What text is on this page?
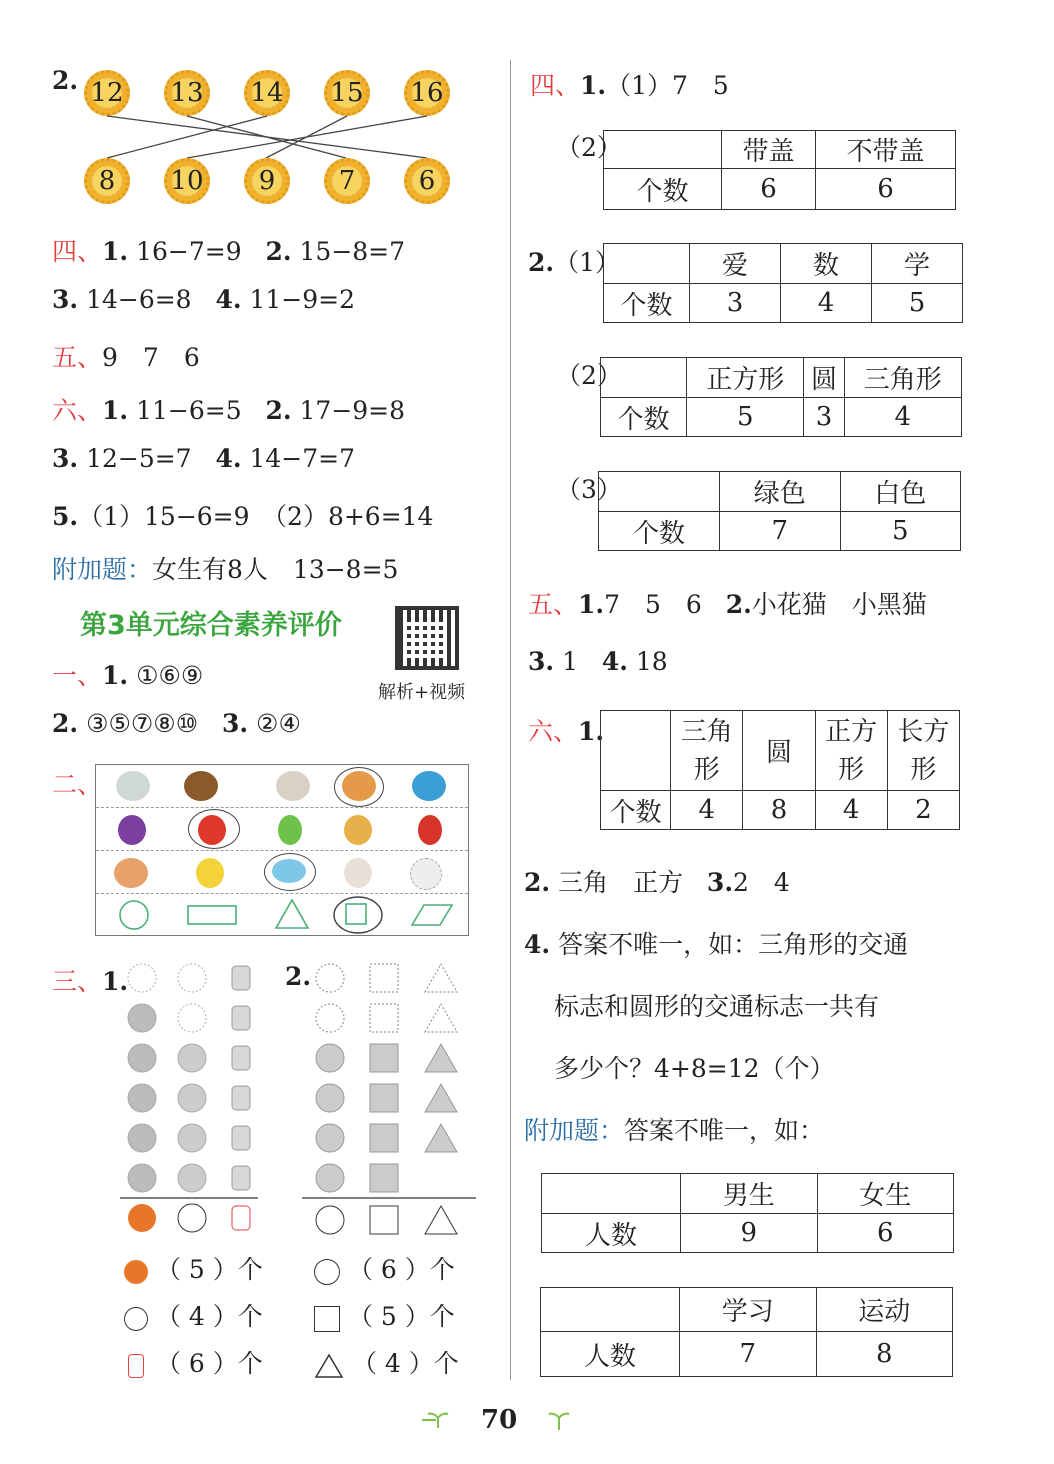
2. 12 13 14 15 16
8	10	9	7	6
四、1. 16−7=9 2. 15−8=7
3. 14−6=8 4. 11−9=2
五、9　7　6
六、1. 11−6=5 2. 17−9=8
3. 12−5=7 4. 14−7=7
5.（1）15−6=9　（2）8+6=14
附加题：女生有8人　13−8=5
第3单元综合素养评价
解析+视频
一、1. ①⑥⑨
2. ③⑤⑦⑧⑩ 3. ②④
二、
三、1.	2.
（ 5 ）个
（ 4 ）个
（ 6 ）个
（ 6 ）个
（ 5 ）个
（ 4 ）个
四、1.（1）7　5
（2）
		带盖	不带盖
个数	6	6
2.（1）
		爱	数	学
个数	3	4	5
（2）
		正方形	圆	三角形
个数	5	3	4
（3）
		绿色	白色
个数	7	5
五、1.7　5　6 2.小花猫　小黑猫
3. 1 4. 18
六、1.
		三角形	圆	正方形	长方形
个数	4	8	4	2
2. 三角　正方 3.2　4
4. 答案不唯一，如：三角形的交通
标志和圆形的交通标志一共有
多少个？4+8=12（个）
附加题：答案不唯一，如：
	男生	女生
人数	9	6
	学习	运动
人数	7	8
70
